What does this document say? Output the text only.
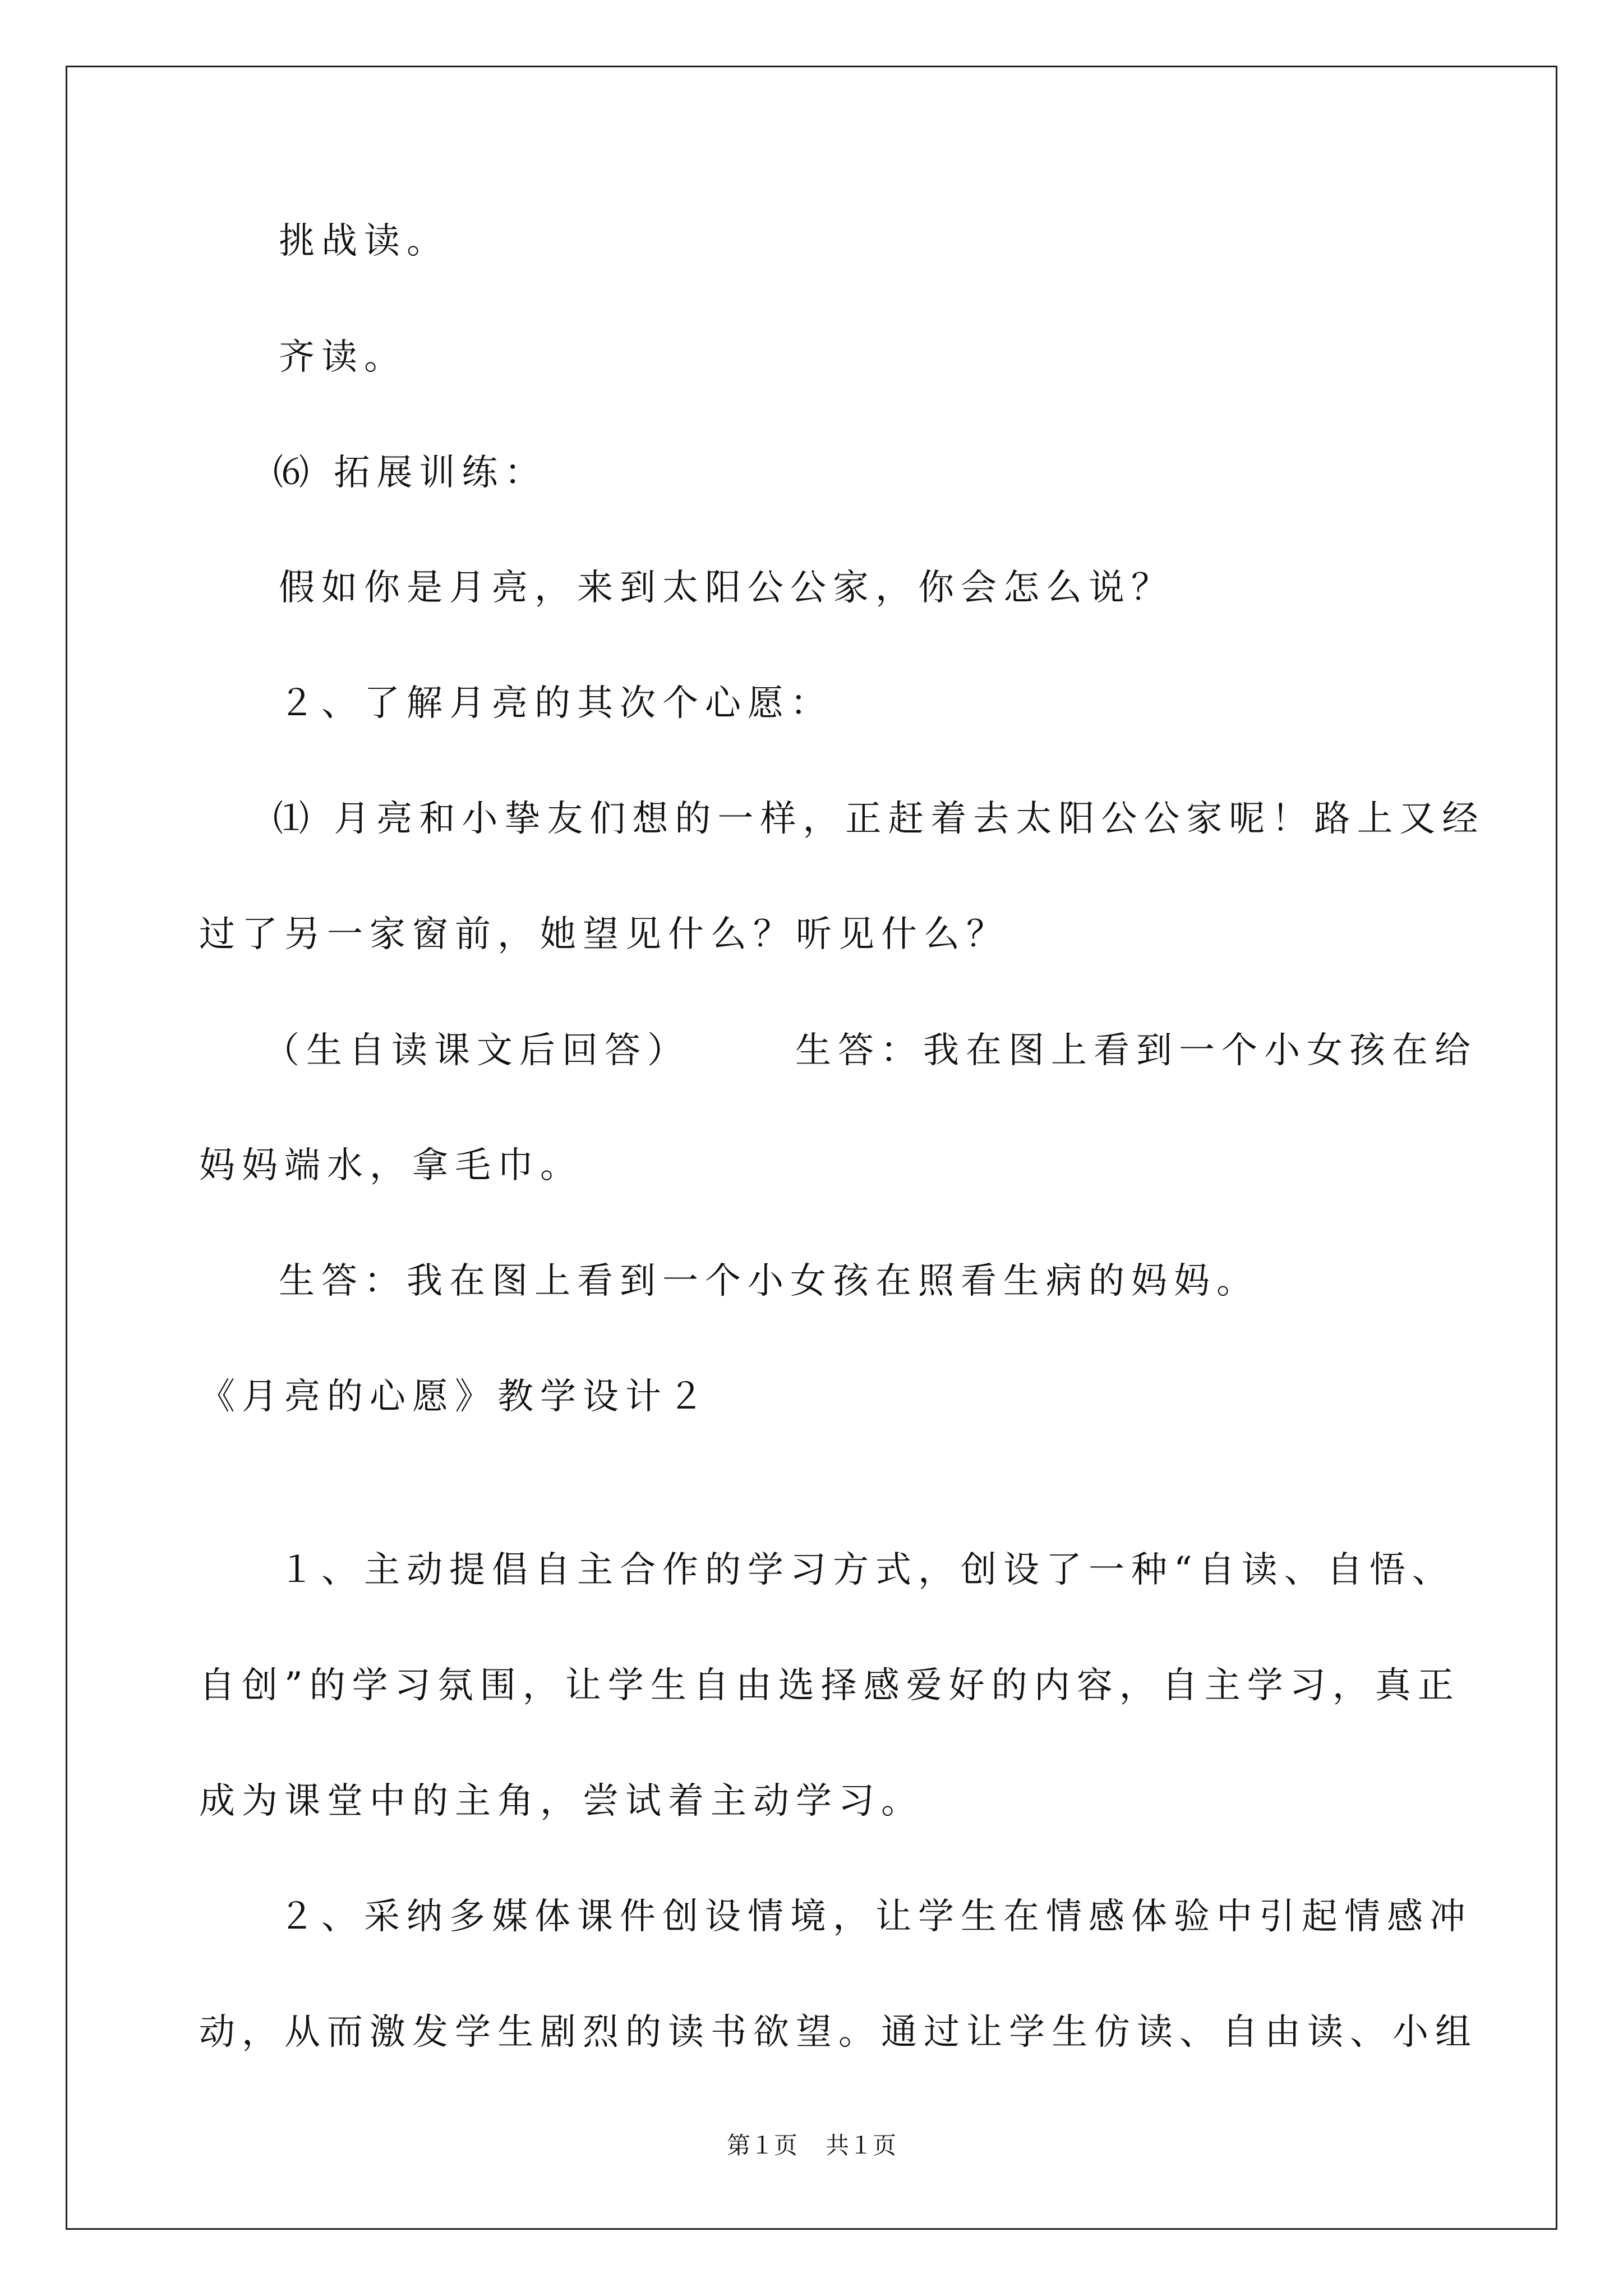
挑战读。
齐读。
⑹ 拓展训练：
假如你是月亮，来到太阳公公家，你会怎么说？
２、了解月亮的其次个心愿：
⑴ 月亮和小挚友们想的一样，正赶着去太阳公公家呢！路上又经
过了另一家窗前，她望见什么？听见什么？
（生自读课文后回答）	生答：我在图上看到一个小女孩在给
妈妈端水，拿毛巾。
生答：我在图上看到一个小女孩在照看生病的妈妈。
《月亮的心愿》教学设计２
１、主动提倡自主合作的学习方式，创设了一种“自读、自悟、
自创”的学习氛围，让学生自由选择感爱好的内容，自主学习，真正
成为课堂中的主角，尝试着主动学习。
２、采纳多媒体课件创设情境，让学生在情感体验中引起情感冲
动，从而激发学生剧烈的读书欲望。通过让学生仿读、自由读、小组
第１页 共１页
